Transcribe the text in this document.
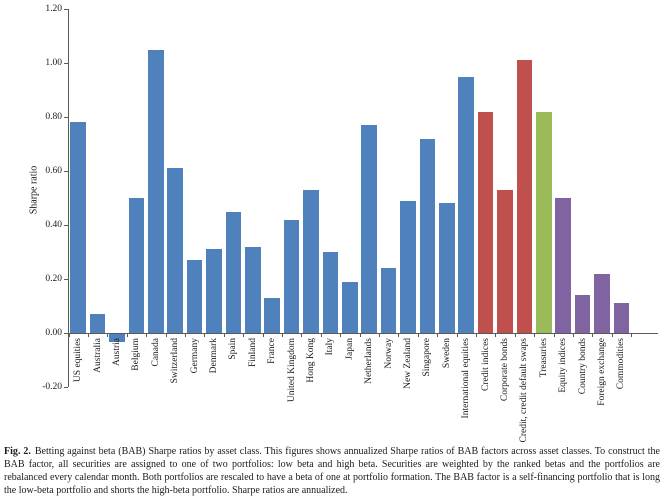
Sharpe ratio
-0.20
0.00
0.20
0.40
0.60
0.80
1.00
1.20
US equities Australia Austria Belgium Canada Switzerland Germany Denmark Spain Finland France United Kingdom Hong Kong Italy Japan Netherlands Norway New Zealand Singapore Sweden International equities Credit indices Corporate bonds Credit, credit default swaps Treasuries Equity indices Country bonds Foreign exchange Commodities
Fig. 2. Betting against beta (BAB) Sharpe ratios by asset class. This figures shows annualized Sharpe ratios of BAB factors across asset classes. To construct the BAB factor, all securities are assigned to one of two portfolios: low beta and high beta. Securities are weighted by the ranked betas and the portfolios are rebalanced every calendar month. Both portfolios are rescaled to have a beta of one at portfolio formation. The BAB factor is a self-financing portfolio that is long the low-beta portfolio and shorts the high-beta portfolio. Sharpe ratios are annualized.
